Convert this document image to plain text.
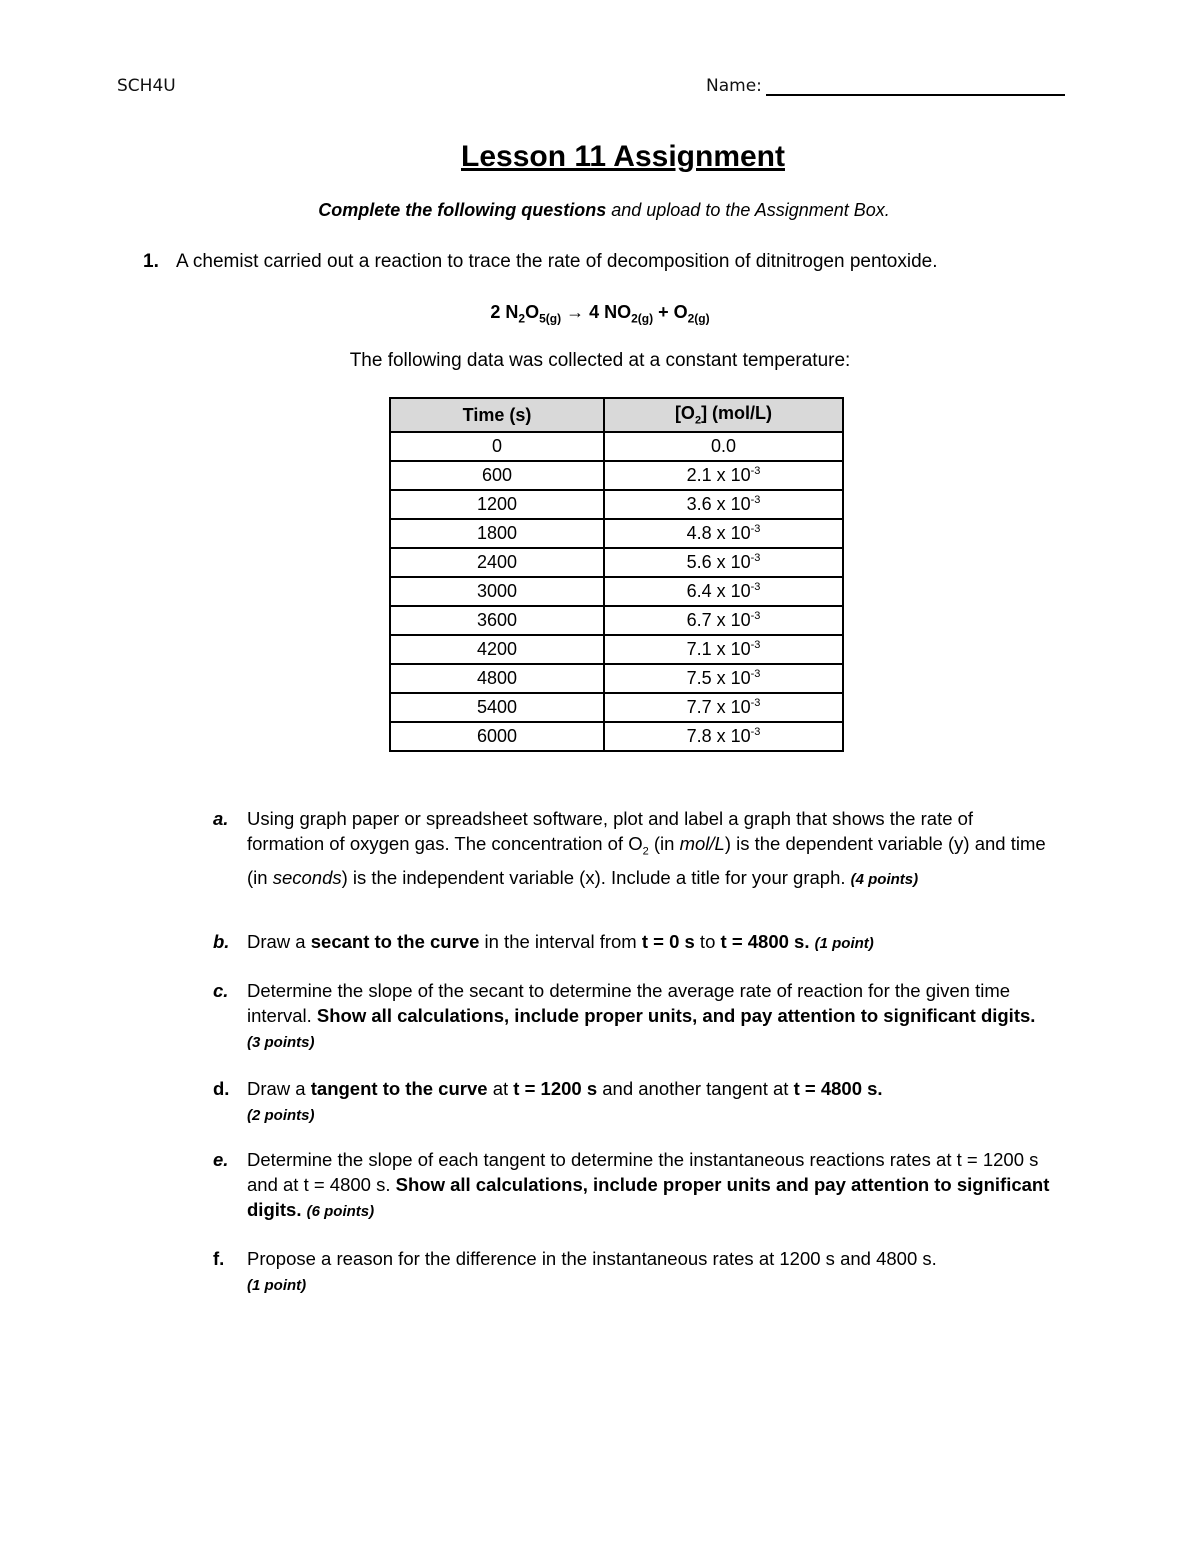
SCH4U	Name:
Lesson 11 Assignment
Complete the following questions and upload to the Assignment Box.
1. A chemist carried out a reaction to trace the rate of decomposition of ditnitrogen pentoxide.
2 $N_2O_{5(g)} \to 4$ $NO_{2(g)} + O_{2(g)}$
The following data was collected at a constant temperature:
Time (s)	$[O_2]$ (mol/L)
0	0.0
600	2.1 x $10^{-3}$
1200	3.6 x $10^{-3}$
1800	4.8 x $10^{-3}$
2400	5.6 x $10^{-3}$
3000	6.4 x $10^{-3}$
3600	6.7 x $10^{-3}$
4200	7.1 x $10^{-3}$
4800	7.5 x $10^{-3}$
5400	7.7 x $10^{-3}$
6000	7.8 x $10^{-3}$
a. Using graph paper or spreadsheet software, plot and label a graph that shows the rate of formation of oxygen gas. The concentration of $O_2$ (in mol/L) is the dependent variable (y) and time (in seconds) is the independent variable (x). Include a title for your graph. (4 points)
b. Draw a secant to the curve in the interval from t = 0 s to t = 4800 s. (1 point)
c. Determine the slope of the secant to determine the average rate of reaction for the given time interval. Show all calculations, include proper units, and pay attention to significant digits. (3 points)
d. Draw a tangent to the curve at t = 1200 s and another tangent at t = 4800 s.
(2 points)
e. Determine the slope of each tangent to determine the instantaneous reactions rates at t = 1200 s and at t = 4800 s. Show all calculations, include proper units and pay attention to significant digits. (6 points)
f. Propose a reason for the difference in the instantaneous rates at 1200 s and 4800 s.
(1 point)
